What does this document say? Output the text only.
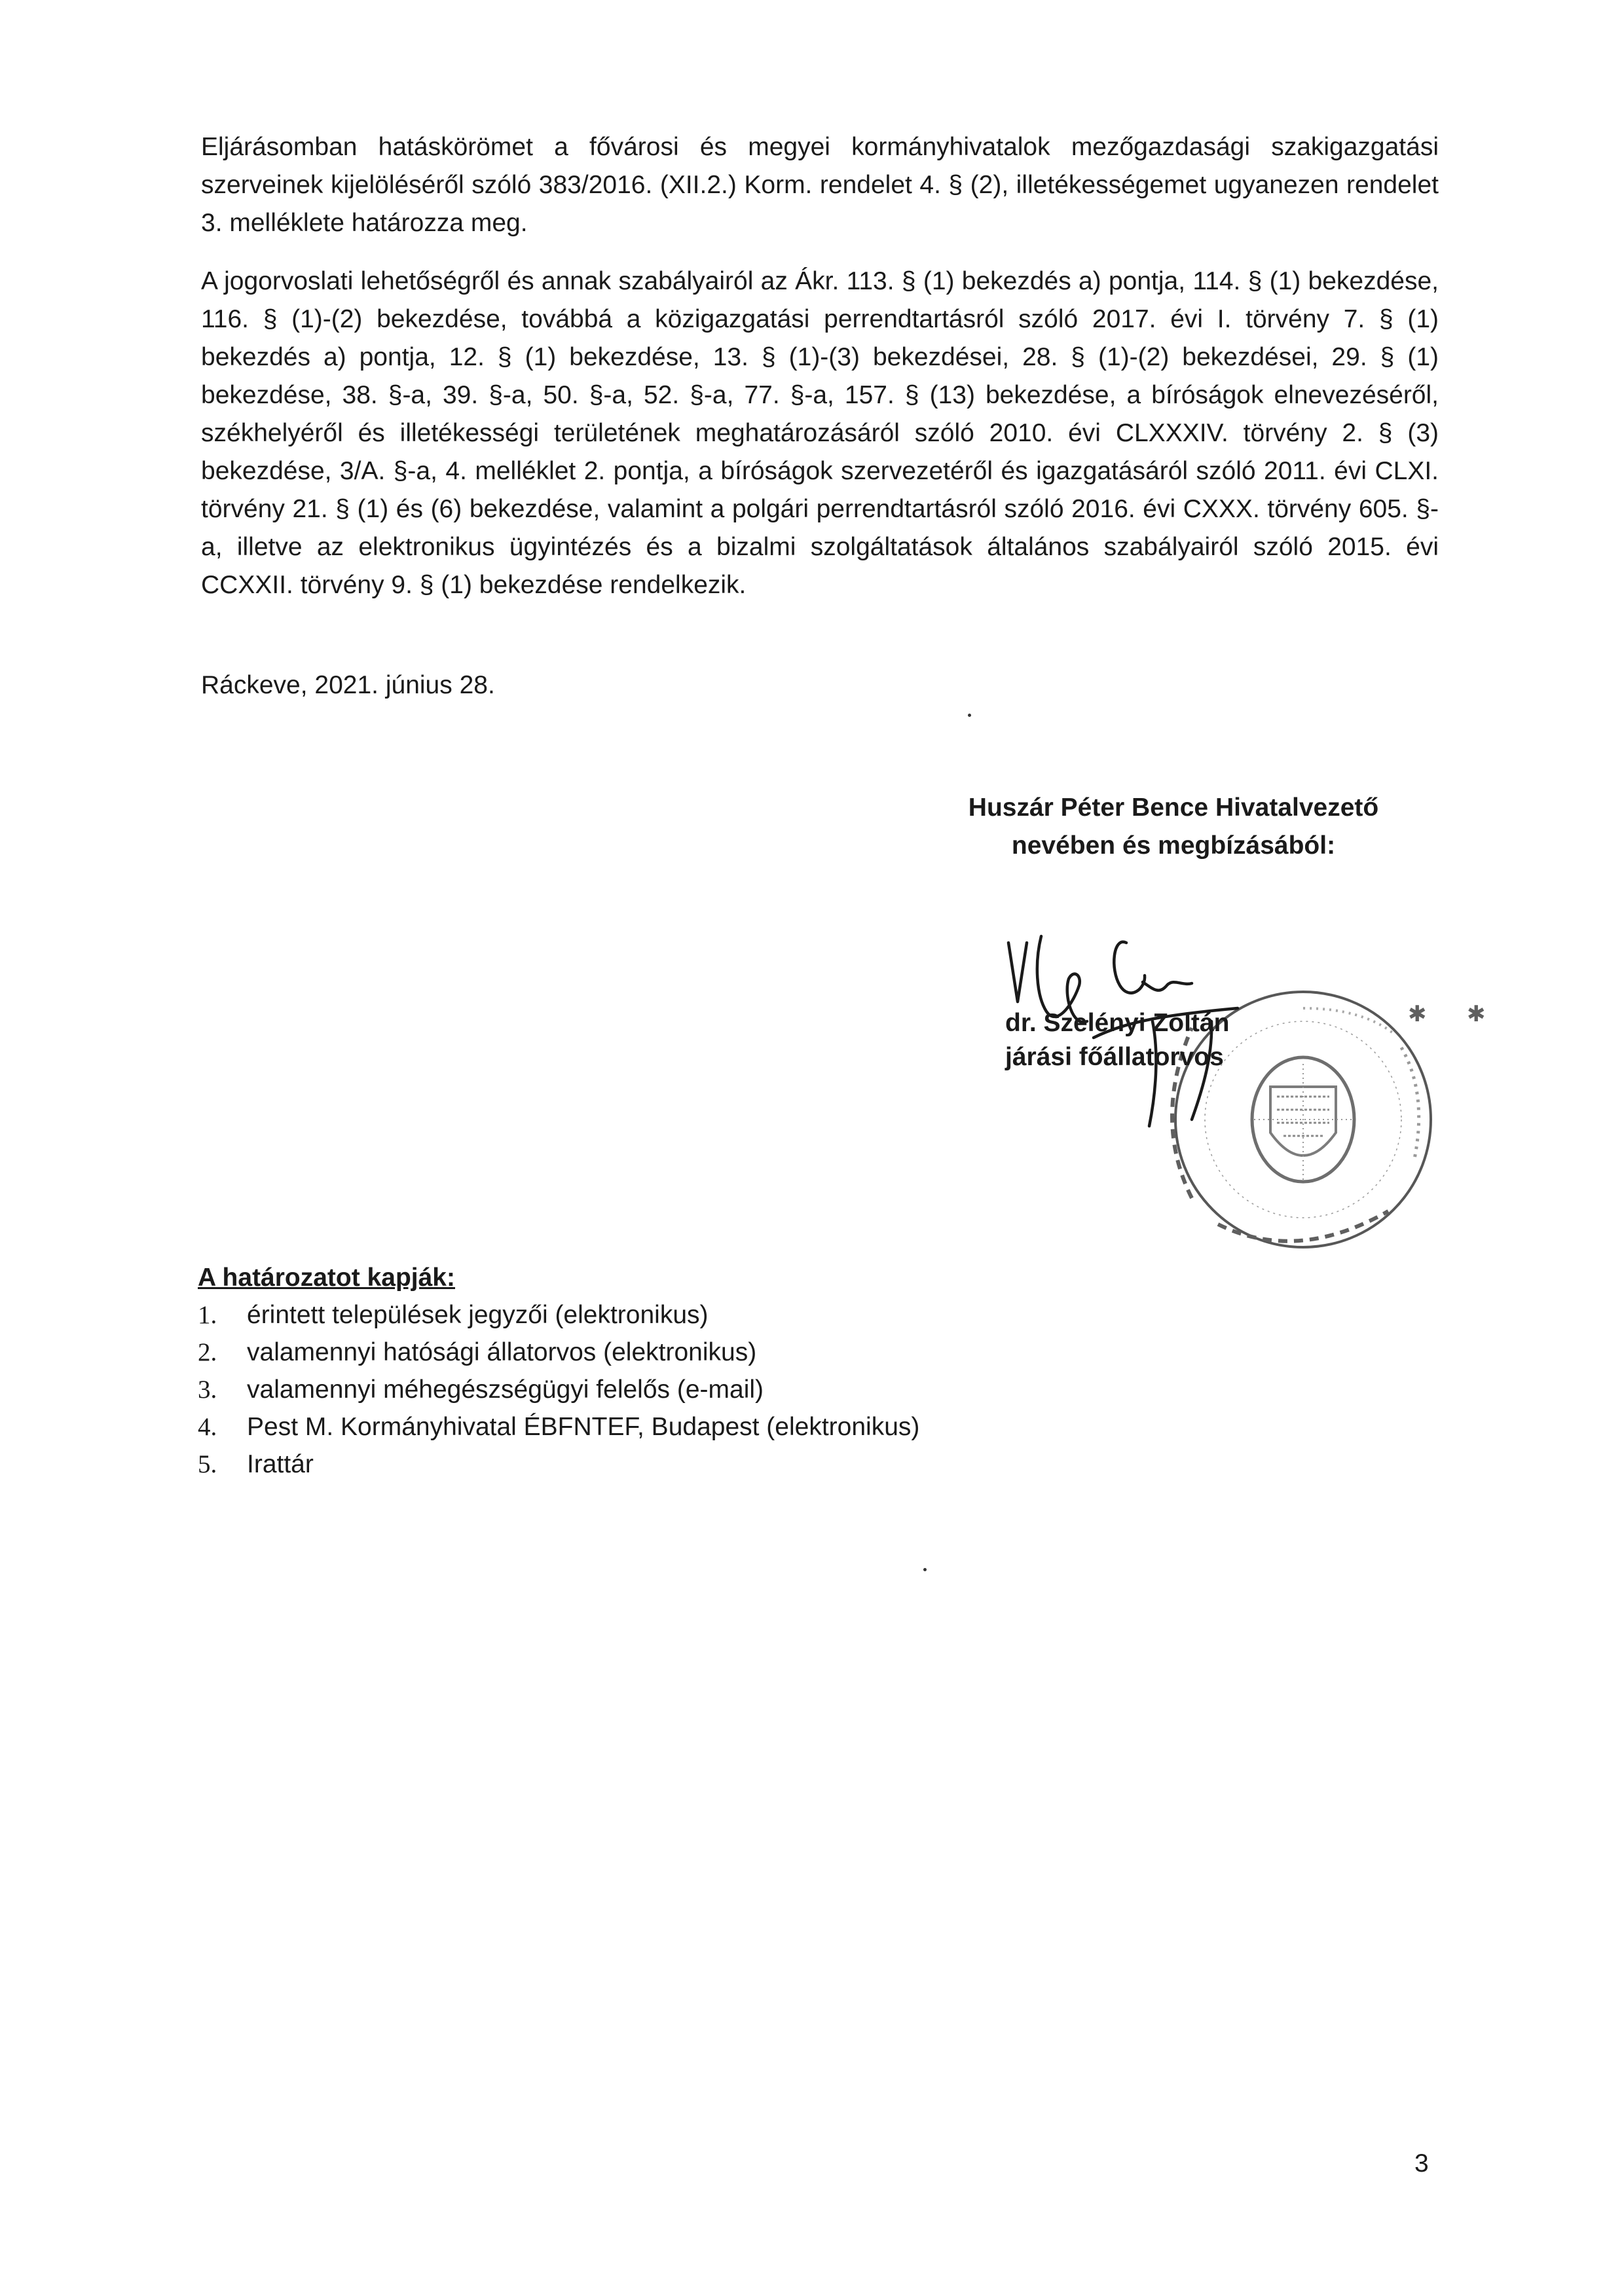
Eljárásomban hatáskörömet a fővárosi és megyei kormányhivatalok mezőgazdasági szakigazgatási szerveinek kijelöléséről szóló 383/2016. (XII.2.) Korm. rendelet 4. § (2), illetékességemet ugyanezen rendelet 3. melléklete határozza meg.

A jogorvoslati lehetőségről és annak szabályairól az Ákr. 113. § (1) bekezdés a) pontja, 114. § (1) bekezdése, 116. § (1)-(2) bekezdése, továbbá a közigazgatási perrendtartásról szóló 2017. évi I. törvény 7. § (1) bekezdés a) pontja, 12. § (1) bekezdése, 13. § (1)-(3) bekezdései, 28. § (1)-(2) bekezdései, 29. § (1) bekezdése, 38. §-a, 39. §-a, 50. §-a, 52. §-a, 77. §-a, 157. § (13) bekezdése, a bíróságok elnevezéséről, székhelyéről és illetékességi területének meghatározásáról szóló 2010. évi CLXXXIV. törvény 2. § (3) bekezdése, 3/A. §-a, 4. melléklet 2. pontja, a bíróságok szervezetéről és igazgatásáról szóló 2011. évi CLXI. törvény 21. § (1) és (6) bekezdése, valamint a polgári perrendtartásról szóló 2016. évi CXXX. törvény 605. §-a, illetve az elektronikus ügyintézés és a bizalmi szolgáltatások általános szabályairól szóló 2015. évi CCXXII. törvény 9. § (1) bekezdése rendelkezik.

Ráckeve, 2021. június 28.

Huszár Péter Bence Hivatalvezető
nevében és megbízásából:
✱ ✱
dr. Szelényi Zoltán
járási főállatorvos

A határozatot kapják:

1.	érintett települések jegyzői (elektronikus)
2.	valamennyi hatósági állatorvos (elektronikus)
3.	valamennyi méhegészségügyi felelős (e-mail)
4.	Pest M. Kormányhivatal ÉBFNTEF, Budapest (elektronikus)
5.	Irattár
3
